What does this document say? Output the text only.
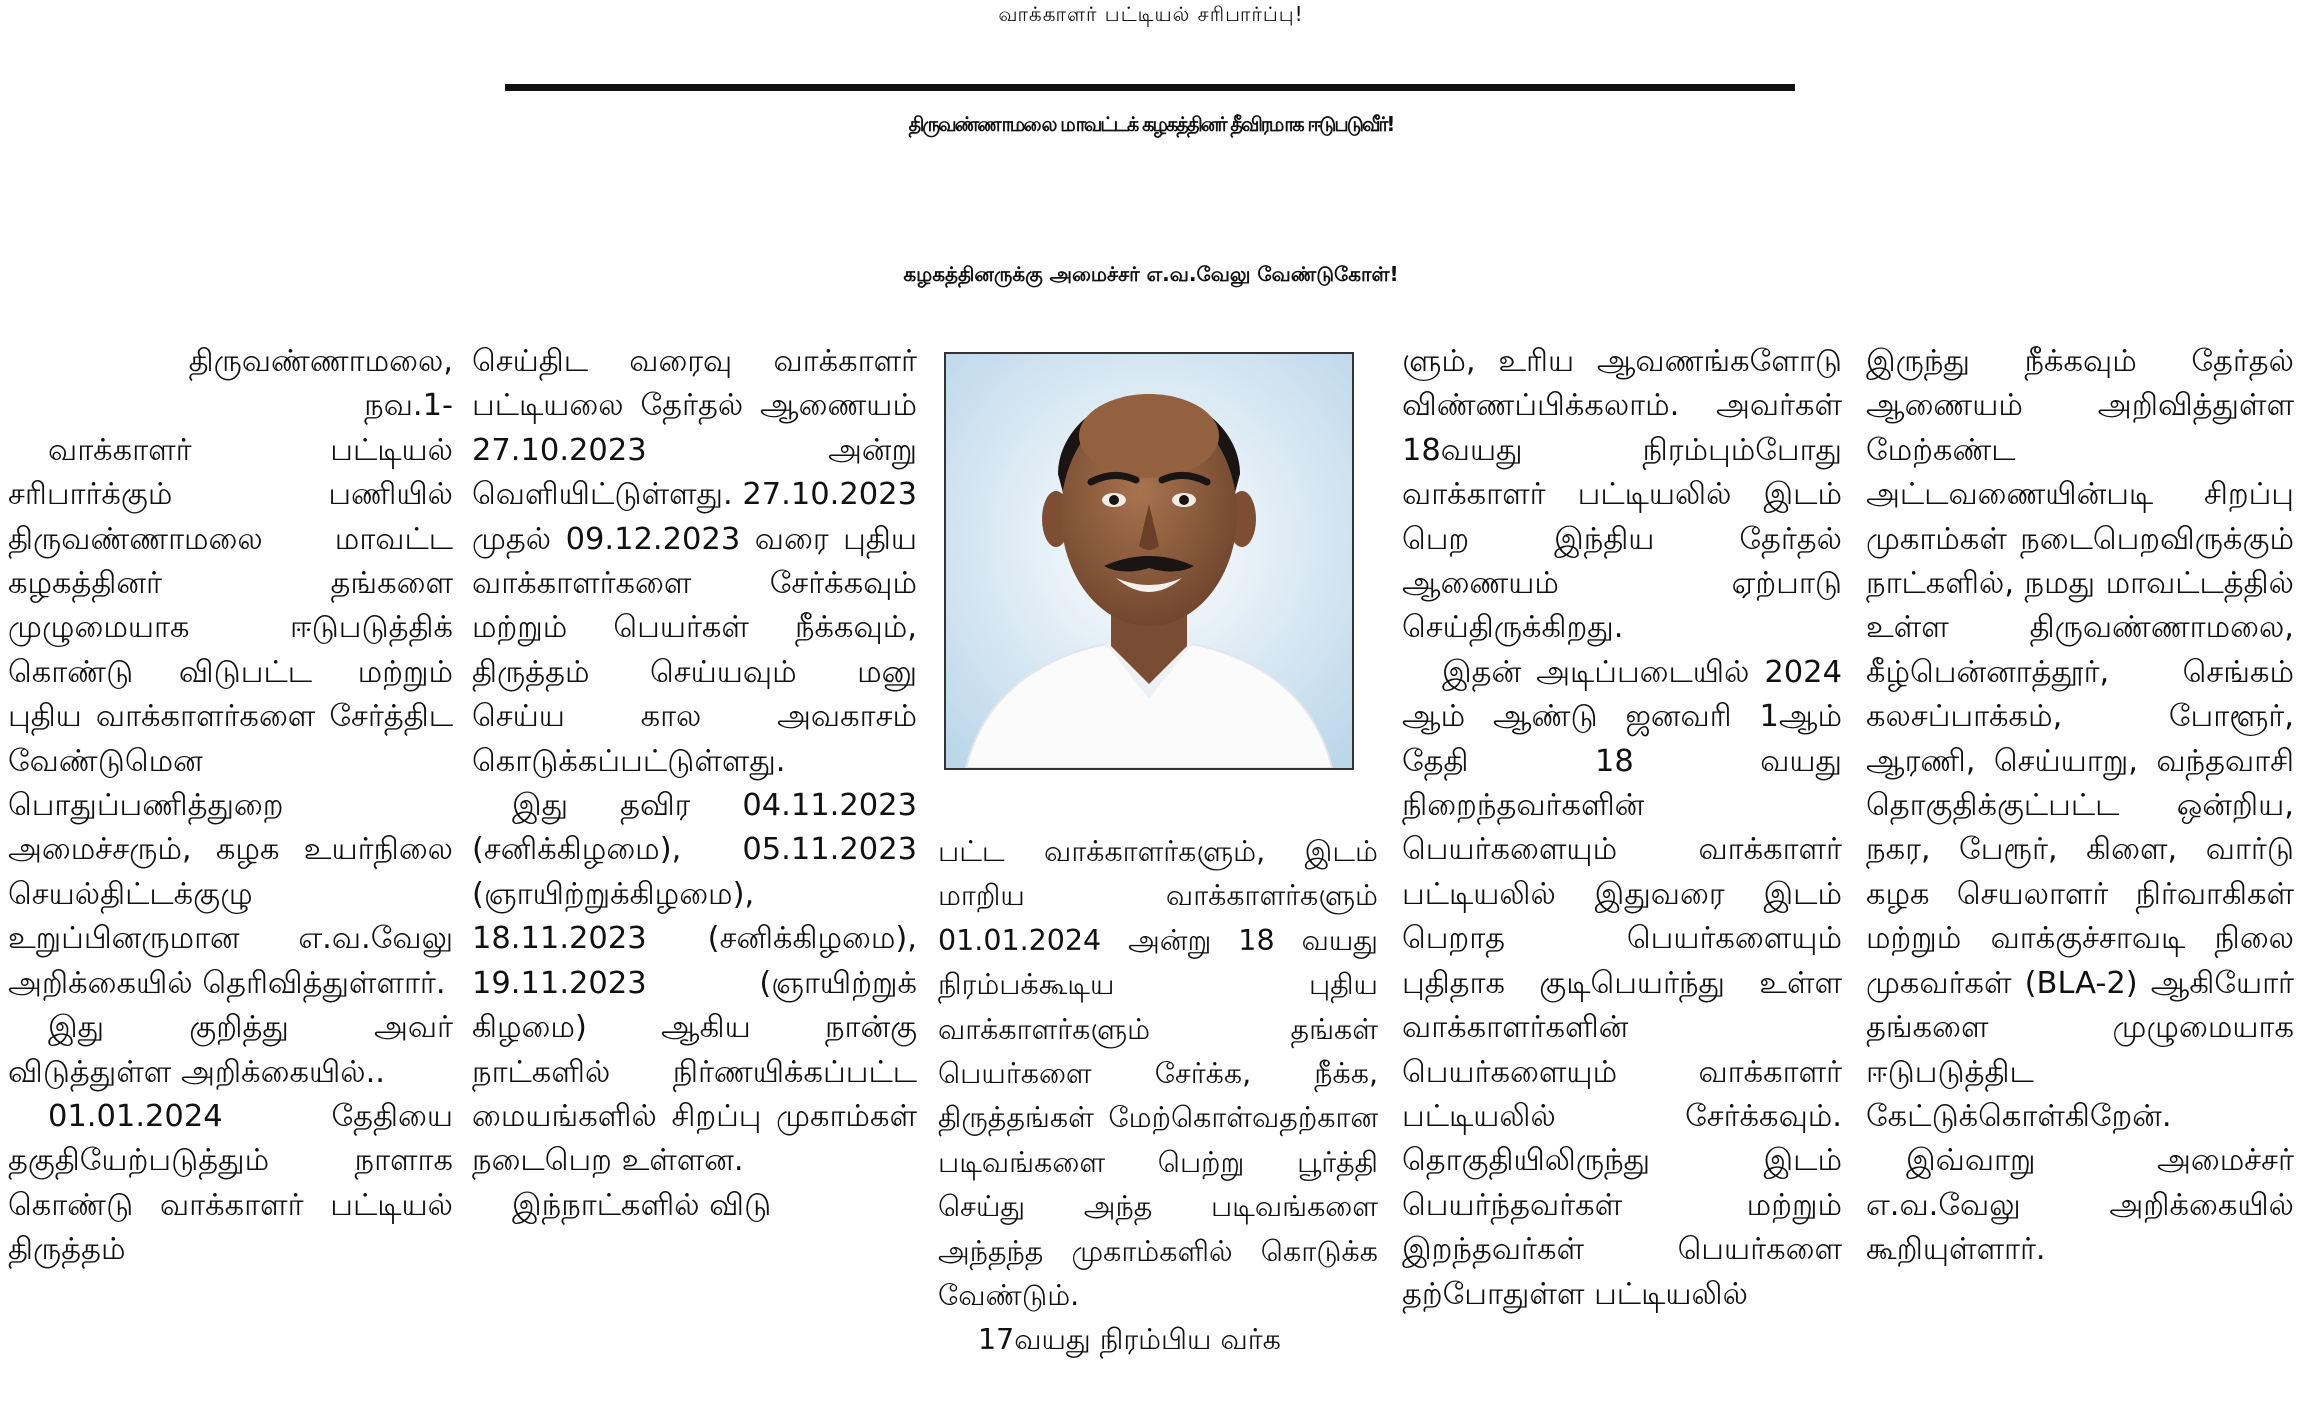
வாக்காளர் பட்டியல் சரிபார்ப்பு!
திருவண்ணாமலை மாவட்டக் கழகத்தினர் தீவிரமாக ஈடுபடுவீர்!
கழகத்தினருக்கு அமைச்சர் எ.வ.வேலு வேண்டுகோள்!

திருவண்ணாமலை,

நவ.1-

வாக்காளர் பட்டியல் சரிபார்க்கும் பணியில் திருவண்ணாமலை மாவட்ட கழகத்தினர் தங்களை முழுமையாக ஈடுபடுத்திக் கொண்டு விடுபட்ட மற்றும் புதிய வாக்காளர்களை சேர்த்திட வேண்டுமென பொதுப்பணித்துறை அமைச்சரும், கழக உயர்நிலை செயல்திட்டக்குழு உறுப்பினருமான எ.வ.வேலு அறிக்கையில் தெரிவித்துள்ளார்.

இது குறித்து அவர் விடுத்துள்ள அறிக்கையில்..

01.01.2024 தேதியை தகுதியேற்படுத்தும் நாளாக கொண்டு வாக்காளர் பட்டியல் திருத்தம்

செய்திட வரைவு வாக்காளர் பட்டியலை தேர்தல் ஆணையம் 27.10.2023 அன்று வெளியிட்டுள்ளது. 27.10.2023 முதல் 09.12.2023 வரை புதிய வாக்காளர்களை சேர்க்கவும் மற்றும் பெயர்கள் நீக்கவும், திருத்தம் செய்யவும் மனு செய்ய கால அவகாசம் கொடுக்கப்பட்டுள்ளது.

இது தவிர 04.11.2023 (சனிக்கிழமை), 05.11.2023 (ஞாயிற்றுக்கிழமை), 18.11.2023 (சனிக்கிழமை), 19.11.2023 (ஞாயிற்றுக் கிழமை) ஆகிய நான்கு நாட்களில் நிர்ணயிக்கப்பட்ட மையங்களில் சிறப்பு முகாம்கள் நடைபெற உள்ளன.

இந்நாட்களில் விடு

பட்ட வாக்காளர்களும், இடம் மாறிய வாக்காளர்களும் 01.01.2024 அன்று 18 வயது நிரம்பக்கூடிய புதிய வாக்காளர்களும் தங்கள் பெயர்களை சேர்க்க, நீக்க, திருத்தங்கள் மேற்கொள்வதற்கான படிவங்களை பெற்று பூர்த்தி செய்து அந்த படிவங்களை அந்தந்த முகாம்களில் கொடுக்க வேண்டும்.

17வயது நிரம்பிய வர்க

ளும், உரிய ஆவணங்களோடு விண்ணப்பிக்கலாம். அவர்கள் 18வயது நிரம்பும்போது வாக்காளர் பட்டியலில் இடம் பெற இந்திய தேர்தல் ஆணையம் ஏற்பாடு செய்திருக்கிறது.

இதன் அடிப்படையில் 2024 ஆம் ஆண்டு ஜனவரி 1ஆம் தேதி 18 வயது நிறைந்தவர்களின் பெயர்களையும் வாக்காளர் பட்டியலில் இதுவரை இடம் பெறாத பெயர்களையும் புதிதாக குடிபெயர்ந்து உள்ள வாக்காளர்களின் பெயர்களையும் வாக்காளர் பட்டியலில் சேர்க்கவும். தொகுதியிலிருந்து இடம் பெயர்ந்தவர்கள் மற்றும் இறந்தவர்கள் பெயர்களை தற்போதுள்ள பட்டியலில்

இருந்து நீக்கவும் தேர்தல் ஆணையம் அறிவித்துள்ள மேற்கண்ட அட்டவணையின்படி சிறப்பு முகாம்கள் நடைபெறவிருக்கும் நாட்களில், நமது மாவட்டத்தில் உள்ள திருவண்ணாமலை, கீழ்பென்னாத்தூர், செங்கம் கலசப்பாக்கம், போளூர், ஆரணி, செய்யாறு, வந்தவாசி தொகுதிக்குட்பட்ட ஒன்றிய, நகர, பேரூர், கிளை, வார்டு கழக செயலாளர் நிர்வாகிகள் மற்றும் வாக்குச்சாவடி நிலை முகவர்கள் (BLA-2) ஆகியோர் தங்களை முழுமையாக ஈடுபடுத்திட கேட்டுக்கொள்கிறேன்.

இவ்வாறு அமைச்சர் எ.வ.வேலு அறிக்கையில் கூறியுள்ளார்.
